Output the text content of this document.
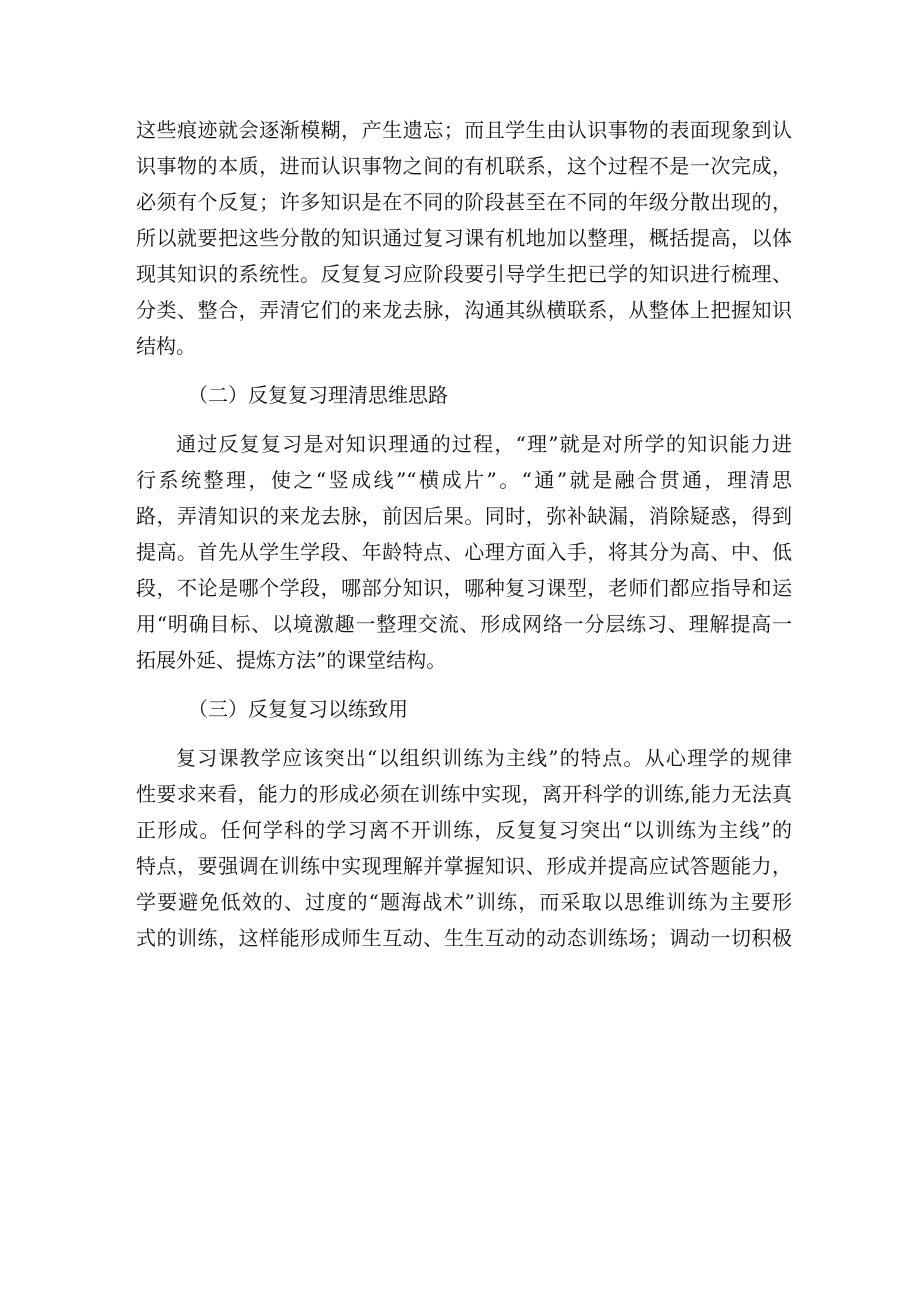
这些痕迹就会逐渐模糊，产生遗忘；而且学生由认识事物的表面现象到认
识事物的本质，进而认识事物之间的有机联系，这个过程不是一次完成，
必须有个反复；许多知识是在不同的阶段甚至在不同的年级分散出现的，
所以就要把这些分散的知识通过复习课有机地加以整理，概括提高，以体
现其知识的系统性。反复复习应阶段要引导学生把已学的知识进行梳理、
分类、整合，弄清它们的来龙去脉，沟通其纵横联系，从整体上把握知识
结构。
（二）反复复习理清思维思路
通过反复复习是对知识理通的过程，“理”就是对所学的知识能力进
行系统整理，使之“竖成线”“横成片”。“通”就是融合贯通，理清思
路，弄清知识的来龙去脉，前因后果。同时，弥补缺漏，消除疑惑，得到
提高。首先从学生学段、年龄特点、心理方面入手，将其分为高、中、低
段，不论是哪个学段，哪部分知识，哪种复习课型，老师们都应指导和运
用“明确目标、以境激趣一整理交流、形成网络一分层练习、理解提高一
拓展外延、提炼方法”的课堂结构。
（三）反复复习以练致用
复习课教学应该突出“以组织训练为主线”的特点。从心理学的规律
性要求来看，能力的形成必须在训练中实现，离开科学的训练,能力无法真
正形成。任何学科的学习离不开训练，反复复习突出“以训练为主线”的
特点，要强调在训练中实现理解并掌握知识、形成并提高应试答题能力，
学要避免低效的、过度的“题海战术”训练，而采取以思维训练为主要形
式的训练，这样能形成师生互动、生生互动的动态训练场；调动一切积极
